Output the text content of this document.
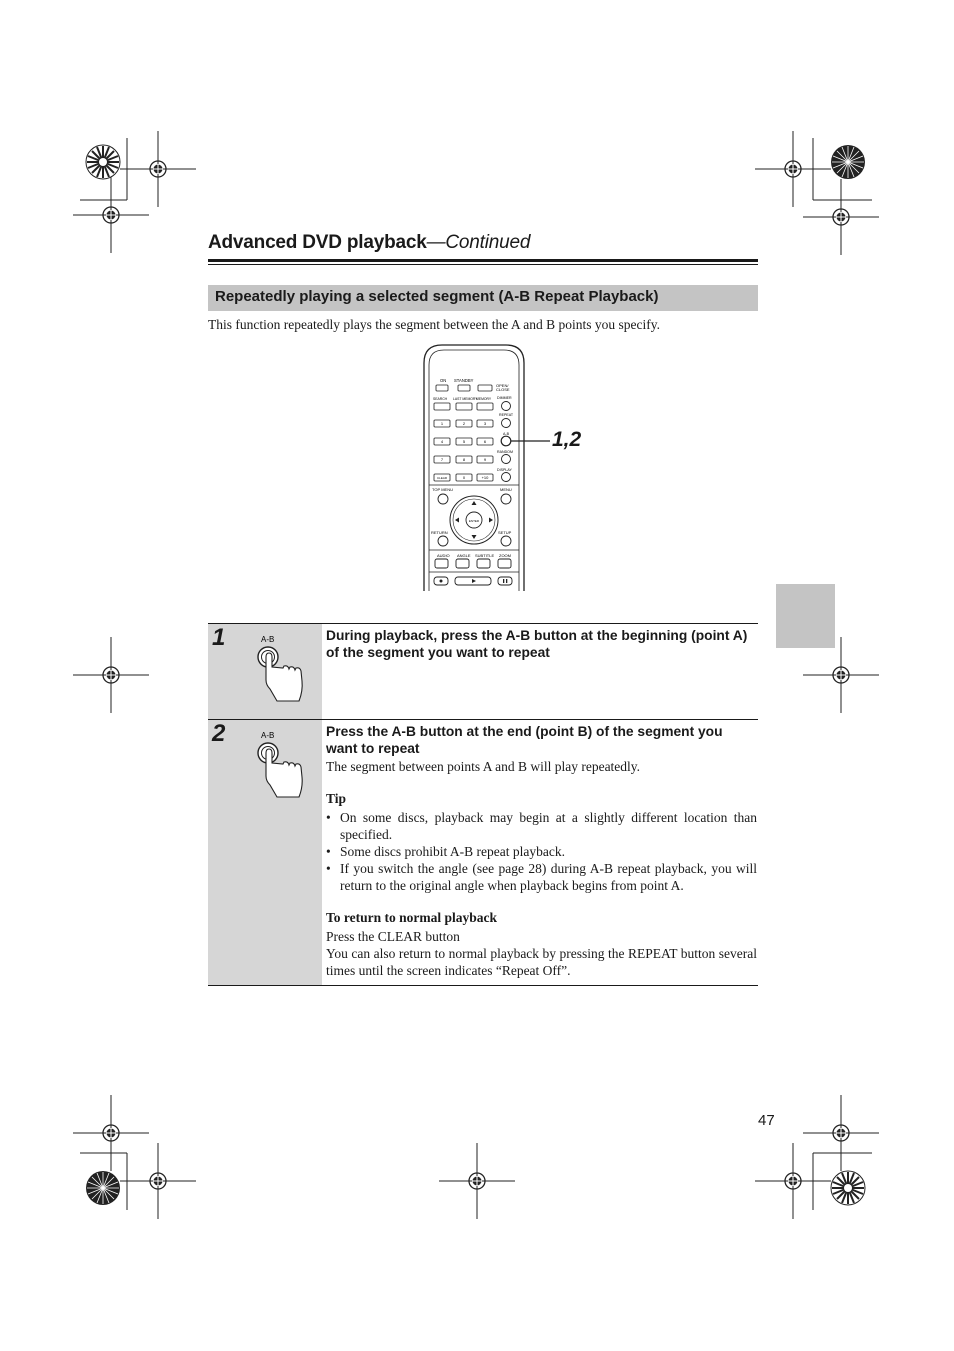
Advanced DVD playback—Continued
Repeatedly playing a selected segment (A-B Repeat Playback)
This function repeatedly plays the segment between the A and B points you specify.
ON STANDBY
OPEN/
CLOSE
SEARCH LAST MEMORY
MEMORY DIMMER
REPEAT
A-B
RANDOM
DISPLAY
1	2	3
4	5	6
7	8	9
CLEAR	0	+10
TOP MENU	MENU
ENTER
RETURN	SETUP
AUDIO ANGLE SUBTITLE ZOOM
1,2
1	A-B	During playback, press the A-B button at the beginning (point A) of the segment you want to repeat
2	A-B	Press the A-B button at the end (point B) of the segment you want to repeat
The segment between points A and B will play repeatedly.
Tip
• On some discs, playback may begin at a slightly different location than specified.
• Some discs prohibit A-B repeat playback.
• If you switch the angle (see page 28) during A-B repeat playback, you will return to the original angle when playback begins from point A.
To return to normal playback
Press the CLEAR button
You can also return to normal playback by pressing the REPEAT button several times until the screen indicates “Repeat Off”.
47
